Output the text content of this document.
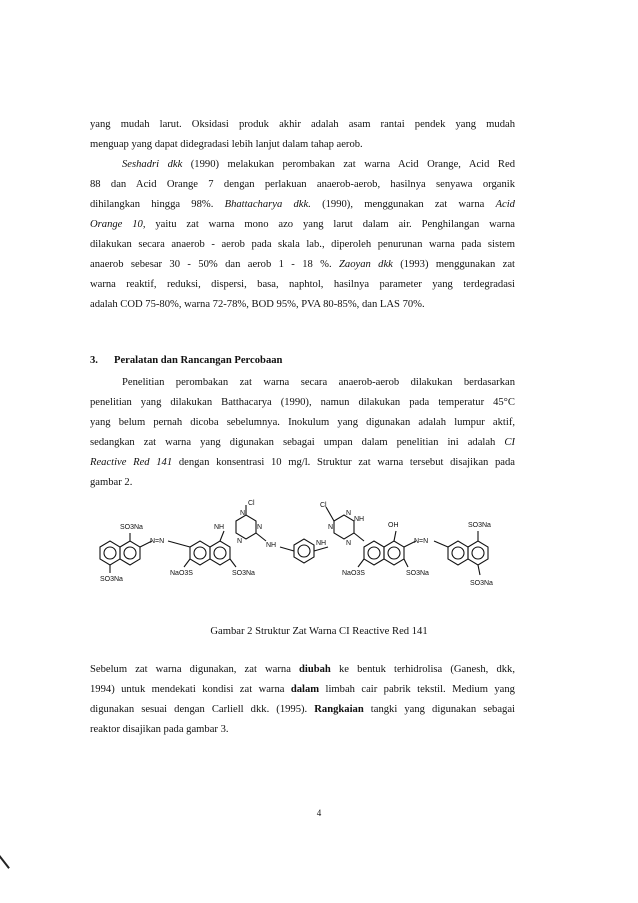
yang mudah larut. Oksidasi produk akhir adalah asam rantai pendek yang mudah
menguap yang dapat didegradasi lebih lanjut dalam tahap aerob.
Seshadri dkk (1990) melakukan perombakan zat warna Acid Orange, Acid Red
88 dan Acid Orange 7 dengan perlakuan anaerob-aerob, hasilnya senyawa organik
dihilangkan hingga 98%. Bhattacharya dkk. (1990), menggunakan zat warna Acid
Orange 10, yaitu zat warna mono azo yang larut dalam air. Penghilangan warna
dilakukan secara anaerob - aerob pada skala lab., diperoleh penurunan warna pada sistem
anaerob sebesar 30 - 50% dan aerob 1 - 18 %. Zaoyan dkk (1993) menggunakan zat
warna reaktif, reduksi, dispersi, basa, naphtol, hasilnya parameter yang terdegradasi
adalah COD 75-80%, warna 72-78%, BOD 95%, PVA 80-85%, dan LAS 70%.
3. Peralatan dan Rancangan Percobaan
Penelitian perombakan zat warna secara anaerob-aerob dilakukan berdasarkan
penelitian yang dilakukan Batthacarya (1990), namun dilakukan pada temperatur 45°C
yang belum pernah dicoba sebelumnya. Inokulum yang digunakan adalah lumpur aktif,
sedangkan zat warna yang digunakan sebagai umpan dalam penelitian ini adalah CI
Reactive Red 141 dengan konsentrasi 10 mg/l. Struktur zat warna tersebut disajikan pada
gambar 2.
SO3Na
SO3Na
N=N
NaO3S	SO3Na
NH
Cl
N
N
N
NH
Cl
N
N
N
NH
NH
OH
N=N
NaO3S	SO3Na
SO3Na
SO3Na
Gambar 2 Struktur Zat Warna CI Reactive Red 141
Sebelum zat warna digunakan, zat warna diubah ke bentuk terhidrolisa (Ganesh, dkk,
1994) untuk mendekati kondisi zat warna dalam limbah cair pabrik tekstil. Medium yang
digunakan sesuai dengan Carliell dkk. (1995). Rangkaian tangki yang digunakan sebagai
reaktor disajikan pada gambar 3.
4
